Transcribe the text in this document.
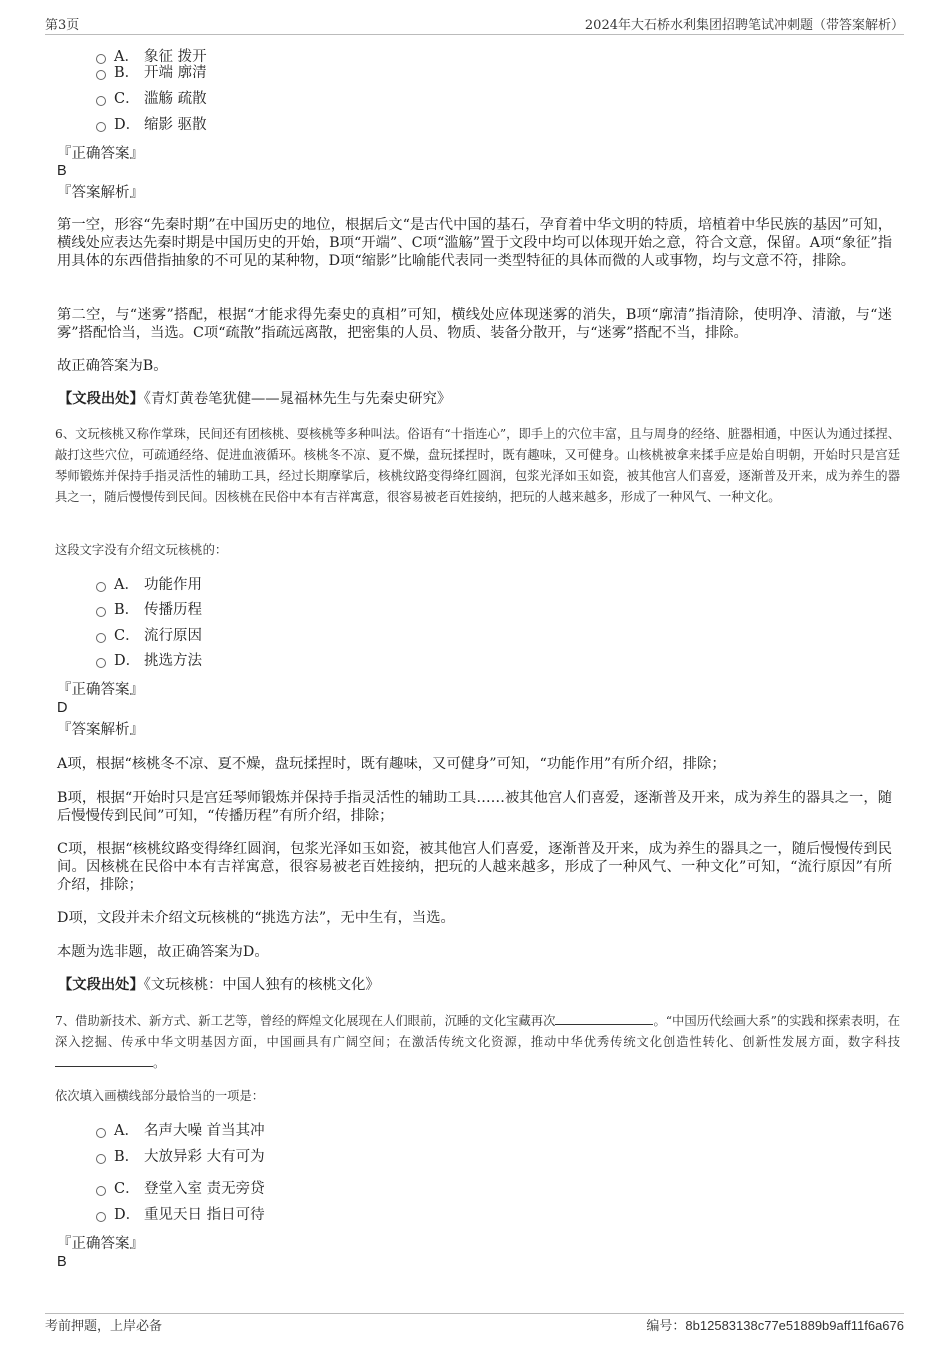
第3页	2024年大石桥水利集团招聘笔试冲刺题（带答案解析）
A． 象征 拨开
B． 开端 廓清
C． 滥觞 疏散
D． 缩影 驱散
『正确答案』
B
『答案解析』
第一空，形容“先秦时期”在中国历史的地位，根据后文“是古代中国的基石，孕育着中华文明的特质，培植着中华民族的基因”可知，横线处应表达先秦时期是中国历史的开始，B项“开端”、C项“滥觞”置于文段中均可以体现开始之意，符合文意，保留。A项“象征”指用具体的东西借指抽象的不可见的某种物，D项“缩影”比喻能代表同一类型特征的具体而微的人或事物，均与文意不符，排除。
第二空，与“迷雾”搭配，根据“才能求得先秦史的真相”可知，横线处应体现迷雾的消失，B项“廓清”指清除，使明净、清澈，与“迷雾”搭配恰当，当选。C项“疏散”指疏远离散，把密集的人员、物质、装备分散开，与“迷雾”搭配不当，排除。
故正确答案为B。
【文段出处】《青灯黄卷笔犹健——晁福林先生与先秦史研究》
6、文玩核桃又称作掌珠，民间还有团核桃、耍核桃等多种叫法。俗语有“十指连心”，即手上的穴位丰富，且与周身的经络、脏器相通，中医认为通过揉捏、敲打这些穴位，可疏通经络、促进血液循环。核桃冬不凉、夏不燥，盘玩揉捏时，既有趣味，又可健身。山核桃被拿来揉手应是始自明朝，开始时只是宫廷琴师锻炼并保持手指灵活性的辅助工具，经过长期摩挲后，核桃纹路变得绛红圆润，包浆光泽如玉如瓷，被其他宫人们喜爱，逐渐普及开来，成为养生的器具之一，随后慢慢传到民间。因核桃在民俗中本有吉祥寓意，很容易被老百姓接纳，把玩的人越来越多，形成了一种风气、一种文化。
这段文字没有介绍文玩核桃的：
A． 功能作用
B． 传播历程
C． 流行原因
D． 挑选方法
『正确答案』
D
『答案解析』
A项，根据“核桃冬不凉、夏不燥，盘玩揉捏时，既有趣味，又可健身”可知，“功能作用”有所介绍，排除；
B项，根据“开始时只是宫廷琴师锻炼并保持手指灵活性的辅助工具……被其他宫人们喜爱，逐渐普及开来，成为养生的器具之一，随后慢慢传到民间”可知，“传播历程”有所介绍，排除；
C项，根据“核桃纹路变得绛红圆润，包浆光泽如玉如瓷，被其他宫人们喜爱，逐渐普及开来，成为养生的器具之一，随后慢慢传到民间。因核桃在民俗中本有吉祥寓意，很容易被老百姓接纳，把玩的人越来越多，形成了一种风气、一种文化”可知，“流行原因”有所介绍，排除；
D项，文段并未介绍文玩核桃的“挑选方法”，无中生有，当选。
本题为选非题，故正确答案为D。
【文段出处】《文玩核桃：中国人独有的核桃文化》
7、借助新技术、新方式、新工艺等，曾经的辉煌文化展现在人们眼前，沉睡的文化宝藏再次	。“中国历代绘画大系”的实践和探索表明，在深入挖掘、传承中华文明基因方面，中国画具有广阔空间；在激活传统文化资源，推动中华优秀传统文化创造性转化、创新性发展方面，数字科技。
依次填入画横线部分最恰当的一项是：
A． 名声大噪 首当其冲
B． 大放异彩 大有可为
C． 登堂入室 责无旁贷
D． 重见天日 指日可待
『正确答案』
B
考前押题，上岸必备	编号：8b12583138c77e51889b9aff11f6a676
